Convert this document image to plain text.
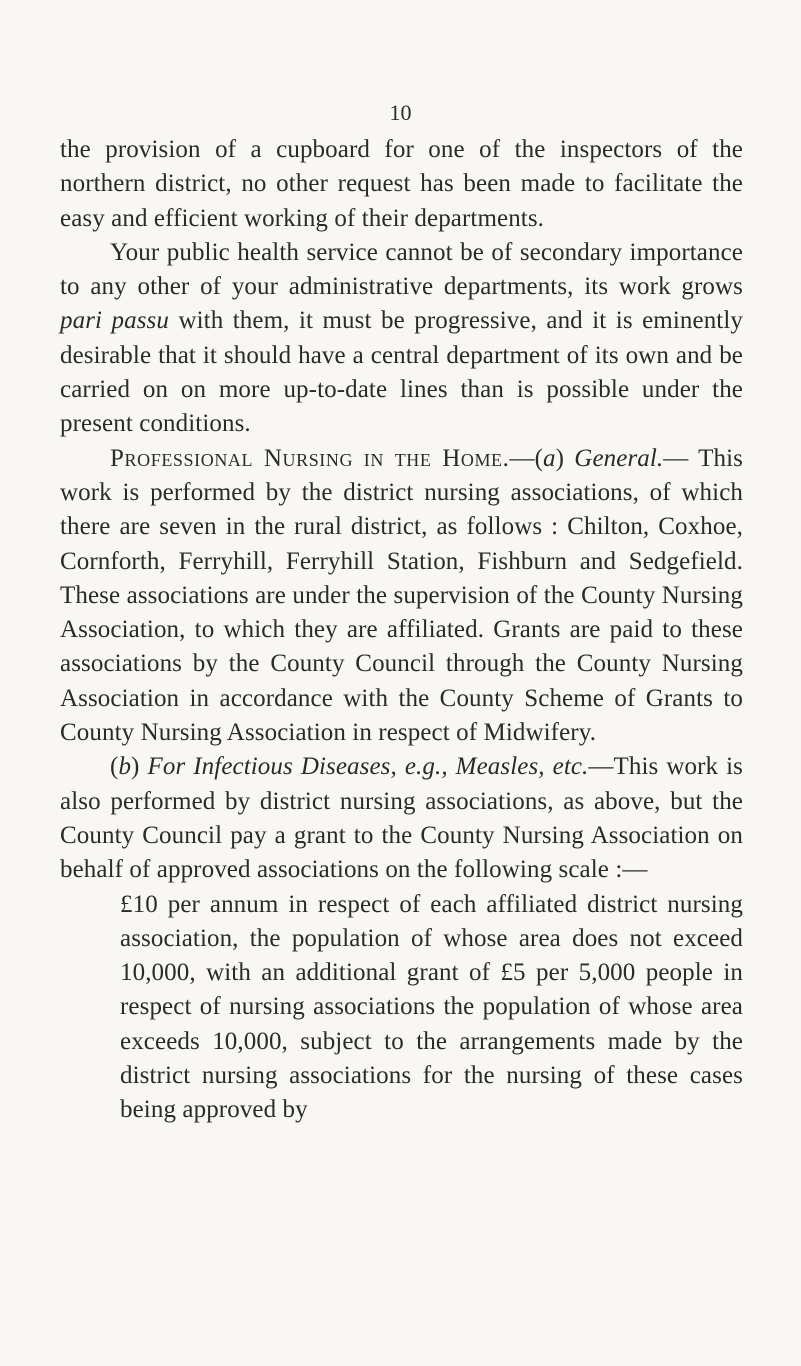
10

the provision of a cupboard for one of the inspectors of the northern district, no other request has been made to facilitate the easy and efficient working of their departments.

Your public health service cannot be of secondary importance to any other of your administrative departments, its work grows pari passu with them, it must be progressive, and it is eminently desirable that it should have a central department of its own and be carried on on more up-to-date lines than is possible under the present conditions.

Professional Nursing in the Home.—(a) General.— This work is performed by the district nursing associations, of which there are seven in the rural district, as follows : Chilton, Coxhoe, Cornforth, Ferryhill, Ferryhill Station, Fishburn and Sedgefield. These associations are under the supervision of the County Nursing Association, to which they are affiliated. Grants are paid to these associations by the County Council through the County Nursing Association in accordance with the County Scheme of Grants to County Nursing Association in respect of Midwifery.

(b) For Infectious Diseases, e.g., Measles, etc.—This work is also performed by district nursing associations, as above, but the County Council pay a grant to the County Nursing Association on behalf of approved associations on the following scale :—

£10 per annum in respect of each affiliated district nursing association, the population of whose area does not exceed 10,000, with an additional grant of £5 per 5,000 people in respect of nursing associations the population of whose area exceeds 10,000, subject to the arrangements made by the district nursing associations for the nursing of these cases being approved by
